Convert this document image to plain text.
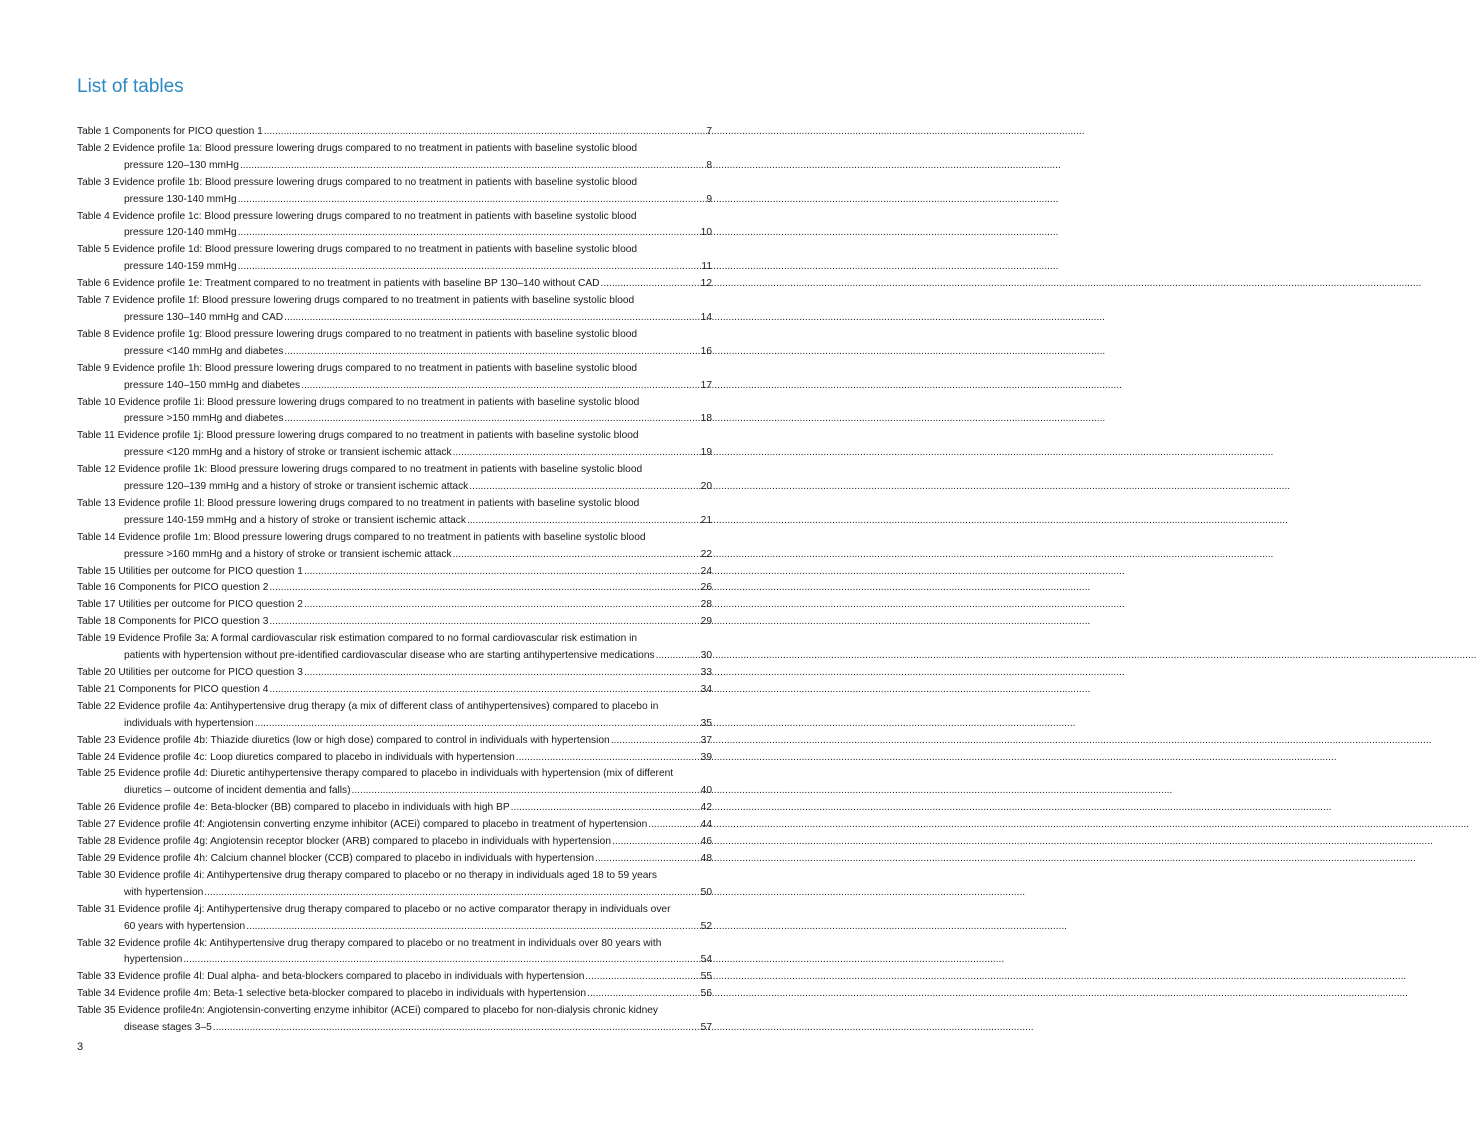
List of tables
Table 1 Components for PICO question 1 .....	7
Table 2 Evidence profile 1a: Blood pressure lowering drugs compared to no treatment in patients with baseline systolic blood
pressure 120–130 mmHg .....	8
Table 3 Evidence profile 1b: Blood pressure lowering drugs compared to no treatment in patients with baseline systolic blood
pressure 130-140 mmHg .....	9
Table 4 Evidence profile 1c: Blood pressure lowering drugs compared to no treatment in patients with baseline systolic blood
pressure 120-140 mmHg .....	10
Table 5 Evidence profile 1d: Blood pressure lowering drugs compared to no treatment in patients with baseline systolic blood
pressure 140-159 mmHg .....	11
Table 6 Evidence profile 1e: Treatment compared to no treatment in patients with baseline BP 130–140 without CAD .....	12
Table 7 Evidence profile 1f: Blood pressure lowering drugs compared to no treatment in patients with baseline systolic blood
pressure 130–140 mmHg and CAD .....	14
Table 8 Evidence profile 1g: Blood pressure lowering drugs compared to no treatment in patients with baseline systolic blood
pressure <140 mmHg and diabetes .....	16
Table 9 Evidence profile 1h: Blood pressure lowering drugs compared to no treatment in patients with baseline systolic blood
pressure 140–150 mmHg and diabetes .....	17
Table 10 Evidence profile 1i: Blood pressure lowering drugs compared to no treatment in patients with baseline systolic blood
pressure >150 mmHg and diabetes .....	18
Table 11 Evidence profile 1j: Blood pressure lowering drugs compared to no treatment in patients with baseline systolic blood
pressure <120 mmHg and a history of stroke or transient ischemic attack .....	19
Table 12 Evidence profile 1k: Blood pressure lowering drugs compared to no treatment in patients with baseline systolic blood
pressure 120–139 mmHg and a history of stroke or transient ischemic attack .....	20
Table 13 Evidence profile 1l: Blood pressure lowering drugs compared to no treatment in patients with baseline systolic blood
pressure 140-159 mmHg and a history of stroke or transient ischemic attack .....	21
Table 14 Evidence profile 1m: Blood pressure lowering drugs compared to no treatment in patients with baseline systolic blood
pressure >160 mmHg and a history of stroke or transient ischemic attack .....	22
Table 15 Utilities per outcome for PICO question 1 .....	24
Table 16 Components for PICO question 2 .....	26
Table 17 Utilities per outcome for PICO question 2 .....	28
Table 18 Components for PICO question 3 .....	29
Table 19 Evidence Profile 3a: A formal cardiovascular risk estimation compared to no formal cardiovascular risk estimation in
patients with hypertension without pre-identified cardiovascular disease who are starting antihypertensive medications .....	30
Table 20 Utilities per outcome for PICO question 3 .....	33
Table 21 Components for PICO question 4 .....	34
Table 22 Evidence profile 4a: Antihypertensive drug therapy (a mix of different class of antihypertensives) compared to placebo in
individuals with hypertension .....	35
Table 23 Evidence profile 4b: Thiazide diuretics (low or high dose) compared to control in individuals with hypertension .....	37
Table 24 Evidence profile 4c: Loop diuretics compared to placebo in individuals with hypertension .....	39
Table 25 Evidence profile 4d: Diuretic antihypertensive therapy compared to placebo in individuals with hypertension (mix of different
diuretics – outcome of incident dementia and falls) .....	40
Table 26 Evidence profile 4e: Beta-blocker (BB) compared to placebo in individuals with high BP .....	42
Table 27 Evidence profile 4f: Angiotensin converting enzyme inhibitor (ACEi) compared to placebo in treatment of hypertension .....	44
Table 28 Evidence profile 4g: Angiotensin receptor blocker (ARB) compared to placebo in individuals with hypertension .....	46
Table 29 Evidence profile 4h: Calcium channel blocker (CCB) compared to placebo in individuals with hypertension .....	48
Table 30 Evidence profile 4i: Antihypertensive drug therapy compared to placebo or no therapy in individuals aged 18 to 59 years
with hypertension .....	50
Table 31 Evidence profile 4j: Antihypertensive drug therapy compared to placebo or no active comparator therapy in individuals over
60 years with hypertension .....	52
Table 32 Evidence profile 4k: Antihypertensive drug therapy compared to placebo or no treatment in individuals over 80 years with
hypertension .....	54
Table 33 Evidence profile 4l: Dual alpha- and beta-blockers compared to placebo in individuals with hypertension .....	55
Table 34 Evidence profile 4m: Beta-1 selective beta-blocker compared to placebo in individuals with hypertension .....	56
Table 35 Evidence profile4n: Angiotensin-converting enzyme inhibitor (ACEi) compared to placebo for non-dialysis chronic kidney
disease stages 3–5 .....	57
3
